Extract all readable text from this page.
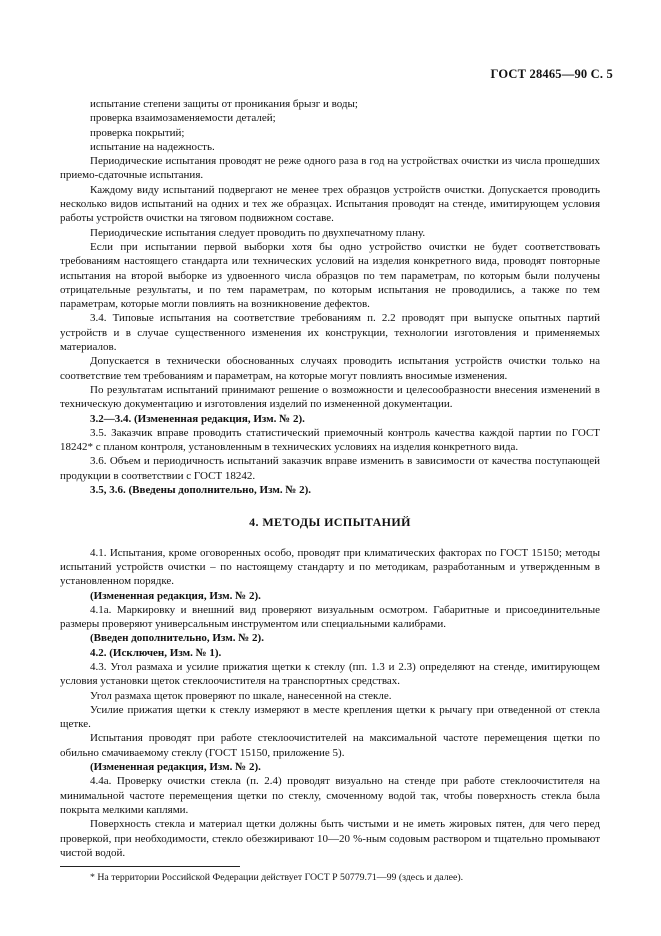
ГОСТ 28465—90 С. 5

испытание степени защиты от проникания брызг и воды;

проверка взаимозаменяемости деталей;

проверка покрытий;

испытание на надежность.

Периодические испытания проводят не реже одного раза в год на устройствах очистки из числа прошедших приемо-сдаточные испытания.

Каждому виду испытаний подвергают не менее трех образцов устройств очистки. Допускается проводить несколько видов испытаний на одних и тех же образцах. Испытания проводят на стенде, имитирующем условия работы устройств очистки на тяговом подвижном составе.

Периодические испытания следует проводить по двухпечатному плану.

Если при испытании первой выборки хотя бы одно устройство очистки не будет соответствовать требованиям настоящего стандарта или технических условий на изделия конкретного вида, проводят повторные испытания на второй выборке из удвоенного числа образцов по тем параметрам, по которым были получены отрицательные результаты, и по тем параметрам, по которым испытания не проводились, а также по тем параметрам, которые могли повлиять на возникновение дефектов.

3.4. Типовые испытания на соответствие требованиям п. 2.2 проводят при выпуске опытных партий устройств и в случае существенного изменения их конструкции, технологии изготовления и применяемых материалов.

Допускается в технически обоснованных случаях проводить испытания устройств очистки только на соответствие тем требованиям и параметрам, на которые могут повлиять вносимые изменения.

По результатам испытаний принимают решение о возможности и целесообразности внесения изменений в техническую документацию и изготовления изделий по измененной документации.

3.2—3.4. (Измененная редакция, Изм. № 2).

3.5. Заказчик вправе проводить статистический приемочный контроль качества каждой партии по ГОСТ 18242* с планом контроля, установленным в технических условиях на изделия конкретного вида.

3.6. Объем и периодичность испытаний заказчик вправе изменить в зависимости от качества поступающей продукции в соответствии с ГОСТ 18242.

3.5, 3.6. (Введены дополнительно, Изм. № 2).

4. МЕТОДЫ ИСПЫТАНИЙ

4.1. Испытания, кроме оговоренных особо, проводят при климатических факторах по ГОСТ 15150; методы испытаний устройств очистки – по настоящему стандарту и по методикам, разработанным и утвержденным в установленном порядке.

(Измененная редакция, Изм. № 2).

4.1а. Маркировку и внешний вид проверяют визуальным осмотром. Габаритные и присоединительные размеры проверяют универсальным инструментом или специальными калибрами.

(Введен дополнительно, Изм. № 2).

4.2. (Исключен, Изм. № 1).

4.3. Угол размаха и усилие прижатия щетки к стеклу (пп. 1.3 и 2.3) определяют на стенде, имитирующем условия установки щеток стеклоочистителя на транспортных средствах.

Угол размаха щеток проверяют по шкале, нанесенной на стекле.

Усилие прижатия щетки к стеклу измеряют в месте крепления щетки к рычагу при отведенной от стекла щетке.

Испытания проводят при работе стеклоочистителей на максимальной частоте перемещения щетки по обильно смачиваемому стеклу (ГОСТ 15150, приложение 5).

(Измененная редакция, Изм. № 2).

4.4а. Проверку очистки стекла (п. 2.4) проводят визуально на стенде при работе стеклоочистителя на минимальной частоте перемещения щетки по стеклу, смоченному водой так, чтобы поверхность стекла была покрыта мелкими каплями.

Поверхность стекла и материал щетки должны быть чистыми и не иметь жировых пятен, для чего перед проверкой, при необходимости, стекло обезжиривают 10—20 %-ным содовым раствором и тщательно промывают чистой водой.

* На территории Российской Федерации действует ГОСТ Р 50779.71—99 (здесь и далее).
